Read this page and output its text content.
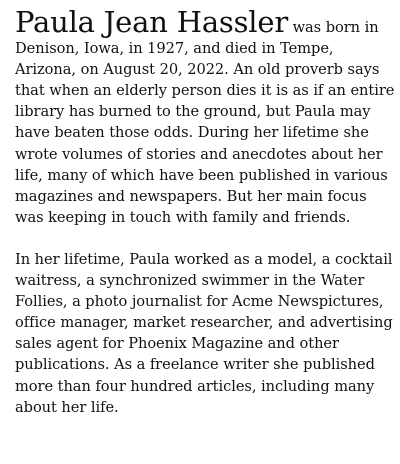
Paula Jean Hassler was born in Denison, Iowa, in 1927, and died in Tempe, Arizona, on August 20, 2022. An old proverb says that when an elderly person dies it is as if an entire library has burned to the ground, but Paula may have beaten those odds. During her lifetime she wrote volumes of stories and anecdotes about her life, many of which have been published in various magazines and newspapers. But her main focus was keeping in touch with family and friends.

In her lifetime, Paula worked as a model, a cocktail waitress, a synchronized swimmer in the Water Follies, a photo journalist for Acme Newspictures, office manager, market researcher, and advertising sales agent for Phoenix Magazine and other publications. As a freelance writer she published more than four hundred articles, including many about her life.
